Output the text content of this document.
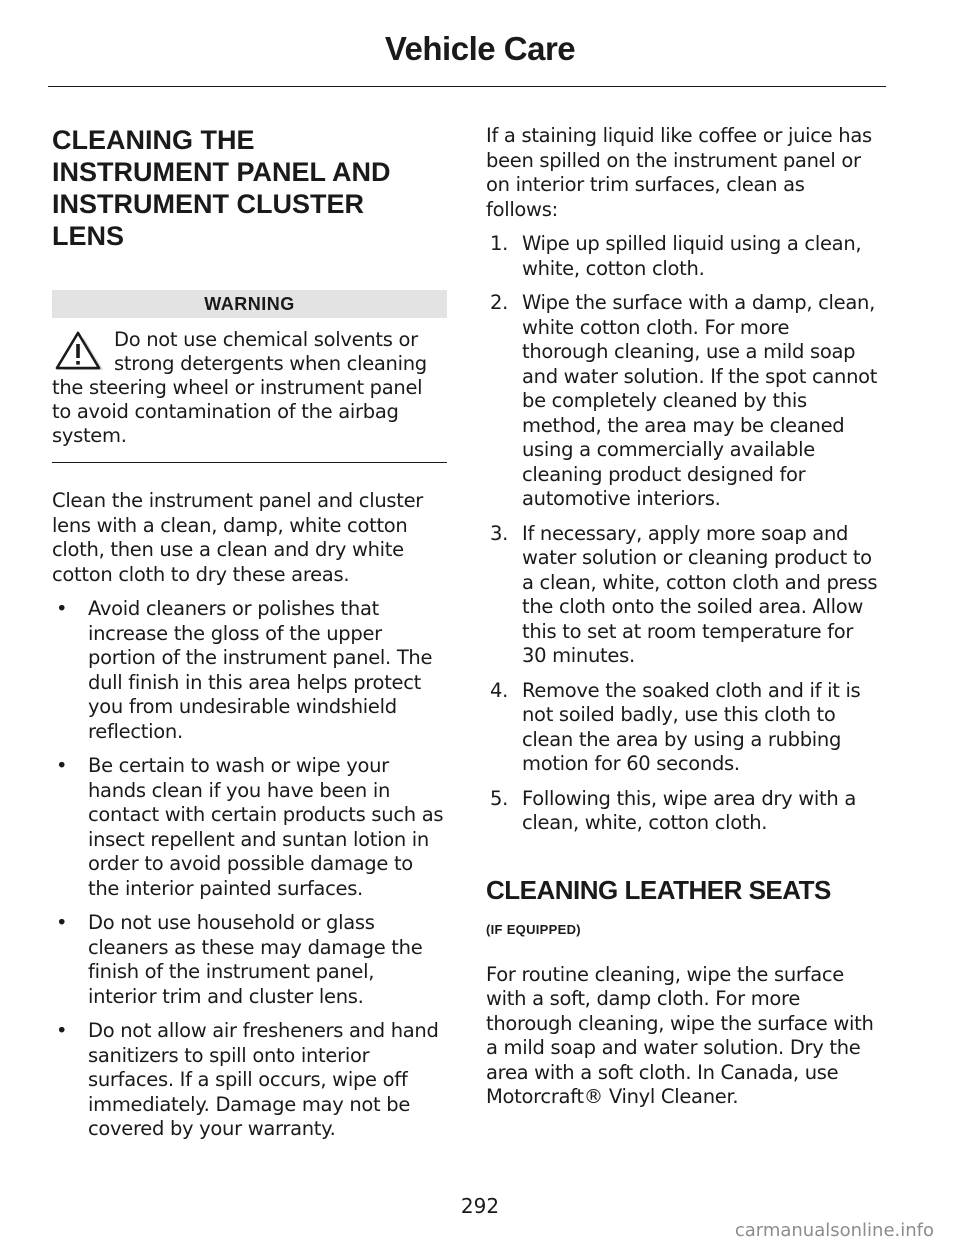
Vehicle Care
CLEANING THE
INSTRUMENT PANEL AND
INSTRUMENT CLUSTER
LENS
WARNING
Do not use chemical solvents or strong detergents when cleaning the steering wheel or instrument panel to avoid contamination of the airbag system.

Clean the instrument panel and cluster lens with a clean, damp, white cotton cloth, then use a clean and dry white cotton cloth to dry these areas.

• Avoid cleaners or polishes that increase the gloss of the upper portion of the instrument panel. The dull finish in this area helps protect you from undesirable windshield reflection.
• Be certain to wash or wipe your hands clean if you have been in contact with certain products such as insect repellent and suntan lotion in order to avoid possible damage to the interior painted surfaces.
• Do not use household or glass cleaners as these may damage the finish of the instrument panel, interior trim and cluster lens.
• Do not allow air fresheners and hand sanitizers to spill onto interior surfaces. If a spill occurs, wipe off immediately. Damage may not be covered by your warranty.

If a staining liquid like coffee or juice has been spilled on the instrument panel or on interior trim surfaces, clean as follows:

1. Wipe up spilled liquid using a clean, white, cotton cloth.
2. Wipe the surface with a damp, clean, white cotton cloth. For more thorough cleaning, use a mild soap and water solution. If the spot cannot be completely cleaned by this method, the area may be cleaned using a commercially available cleaning product designed for automotive interiors.
3. If necessary, apply more soap and water solution or cleaning product to a clean, white, cotton cloth and press the cloth onto the soiled area. Allow this to set at room temperature for 30 minutes.
4. Remove the soaked cloth and if it is not soiled badly, use this cloth to clean the area by using a rubbing motion for 60 seconds.
5. Following this, wipe area dry with a clean, white, cotton cloth.
CLEANING LEATHER SEATS
(IF EQUIPPED)

For routine cleaning, wipe the surface with a soft, damp cloth. For more thorough cleaning, wipe the surface with a mild soap and water solution. Dry the area with a soft cloth. In Canada, use Motorcraft® Vinyl Cleaner.

292
carmanualsonline.info
